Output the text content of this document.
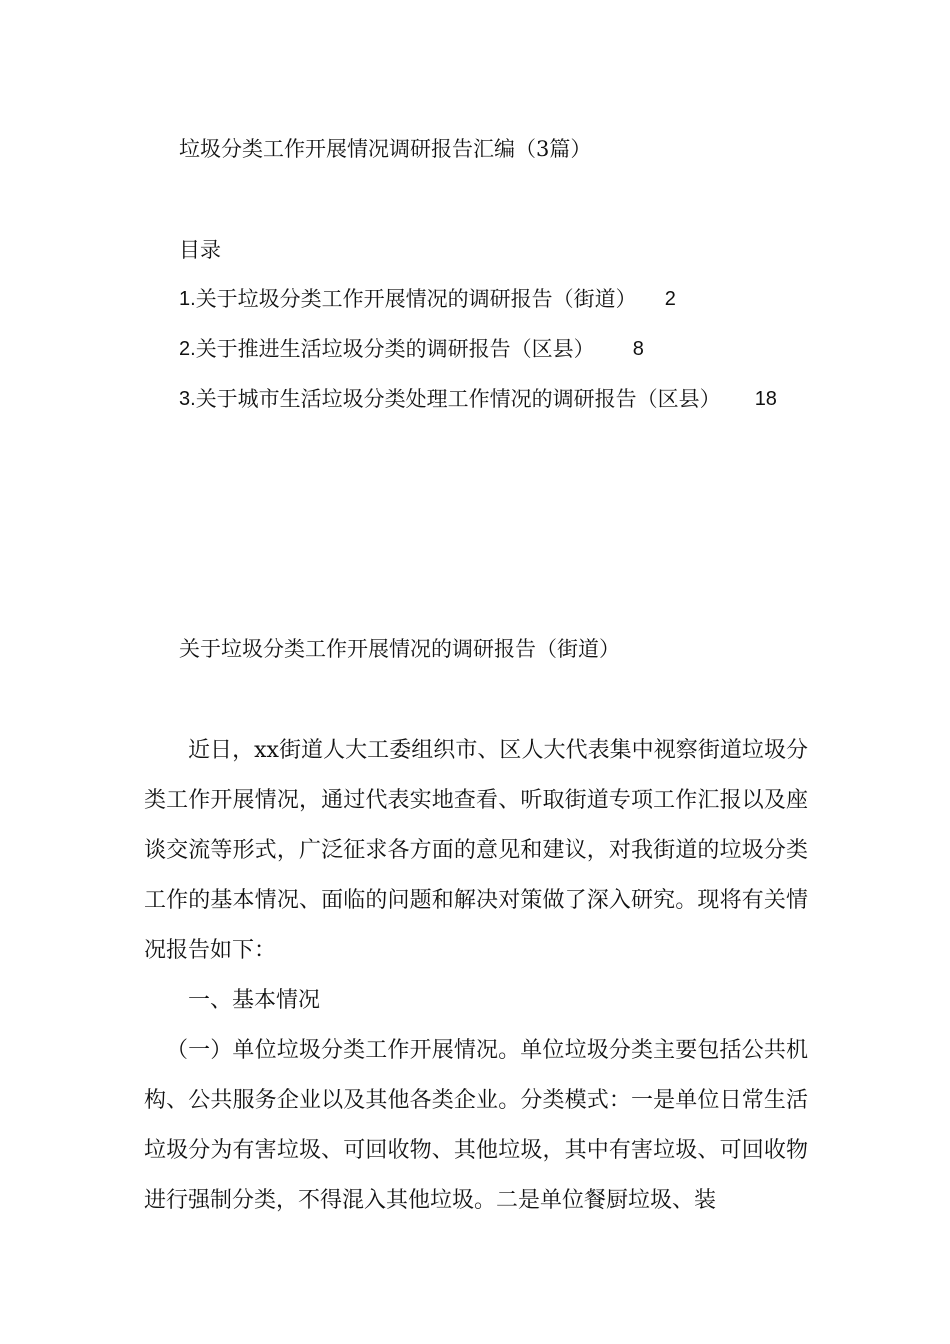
垃圾分类工作开展情况调研报告汇编（3篇）
目录
1. 关于垃圾分类工作开展情况的调研报告（街道） 2
2. 关于推进生活垃圾分类的调研报告（区县） 8
3. 关于城市生活垃圾分类处理工作情况的调研报告（区县） 18
关于垃圾分类工作开展情况的调研报告（街道）

近日，xx街道人大工委组织市、区人大代表集中视察街道垃圾分类工作开展情况，通过代表实地查看、听取街道专项工作汇报以及座谈交流等形式，广泛征求各方面的意见和建议，对我街道的垃圾分类工作的基本情况、面临的问题和解决对策做了深入研究。现将有关情况报告如下：

一、基本情况

（一）单位垃圾分类工作开展情况。单位垃圾分类主要包括公共机构、公共服务企业以及其他各类企业。分类模式：一是单位日常生活垃圾分为有害垃圾、可回收物、其他垃圾，其中有害垃圾、可回收物进行强制分类，不得混入其他垃圾。二是单位餐厨垃圾、装
